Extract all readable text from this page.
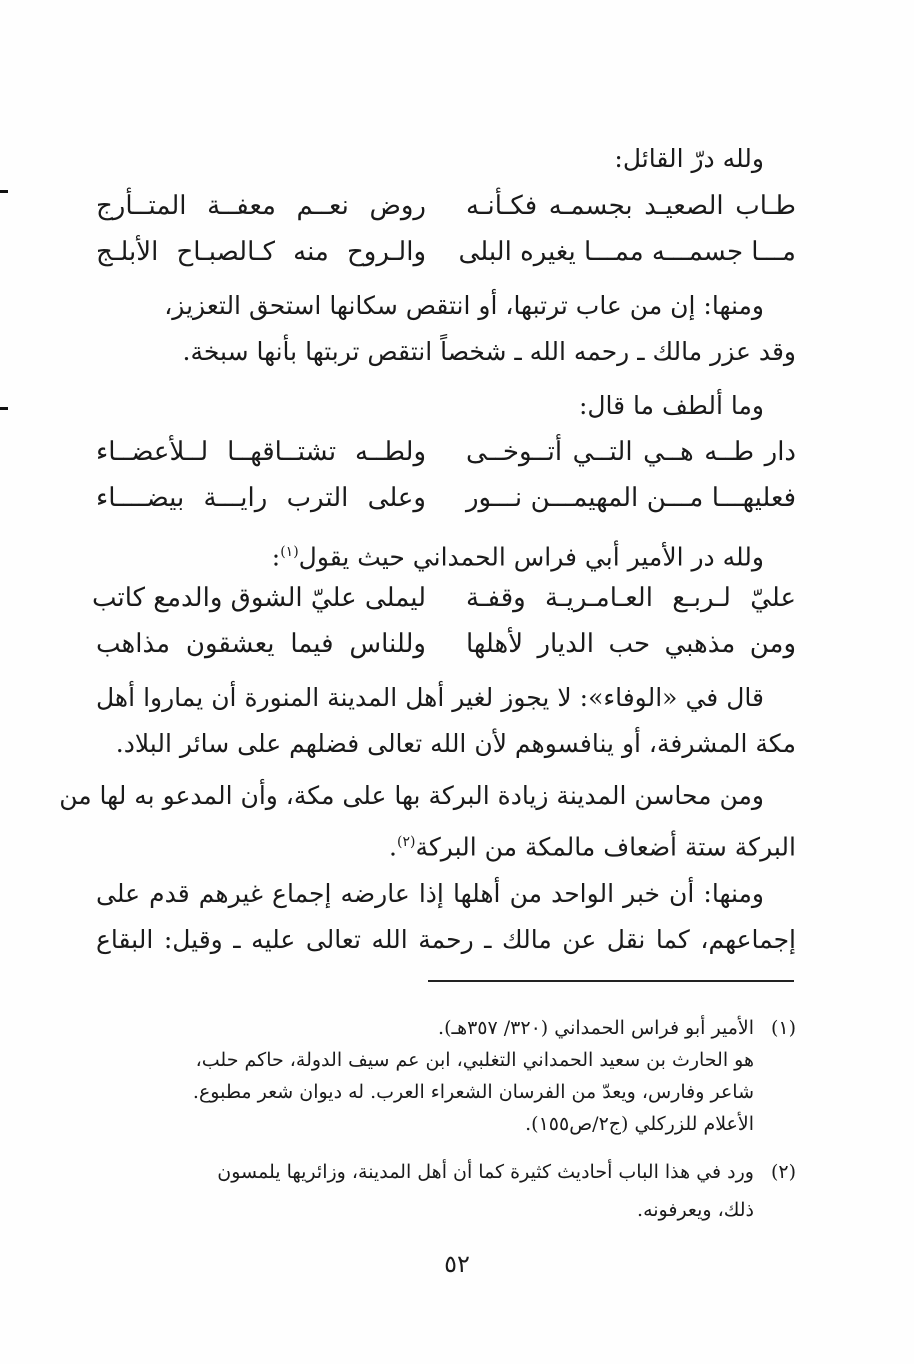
ولله درّ القائل:
طـاب الصعيـد بجسمـه فكـأنـه
روض نعــم معفــة المتــأرج
مـــا جسمـــه ممـــا يغيره البلى
والـروح منه كـالصبـاح الأبلـج
ومنها: إن من عاب ترتبها، أو انتقص سكانها استحق التعزيز،
وقد عزر مالك ـ رحمه الله ـ شخصاً انتقص تربتها بأنها سبخة.
وما ألطف ما قال:
دار طــه هــي التــي أتــوخــى
ولطــه تشتــاقهــا لــلأعضــاء
فعليهـــا مـــن المهيمـــن نـــور
وعلى الترب رايـــة بيضــــاء
ولله در الأمير أبي فراس الحمداني حيث يقول$^{(١)}$:
عليّ لـربـع العـامـريـة وقفـة
ليملى عليّ الشوق والدمع كاتب
ومن مذهبي حب الديار لأهلها
وللناس فيما يعشقون مذاهب
قال في «الوفاء»: لا يجوز لغير أهل المدينة المنورة أن يماروا أهل
مكة المشرفة، أو ينافسوهم لأن الله تعالى فضلهم على سائر البلاد.
ومن محاسن المدينة زيادة البركة بها على مكة، وأن المدعو به لها من
البركة ستة أضعاف مالمكة من البركة$^{(٢)}$.
ومنها: أن خبر الواحد من أهلها إذا عارضه إجماع غيرهم قدم على
إجماعهم، كما نقل عن مالك ـ رحمة الله تعالى عليه ـ وقيل: البقاع
(١)الأمير أبو فراس الحمداني (٣٢٠/ ٣٥٧هـ).
هو الحارث بن سعيد الحمداني التغلبي، ابن عم سيف الدولة، حاكم حلب،
شاعر وفارس، ويعدّ من الفرسان الشعراء العرب. له ديوان شعر مطبوع.
الأعلام للزركلي (ج٢/ص١٥٥).
(٢)ورد في هذا الباب أحاديث كثيرة كما أن أهل المدينة، وزائريها يلمسون
ذلك، ويعرفونه.
٥٢
